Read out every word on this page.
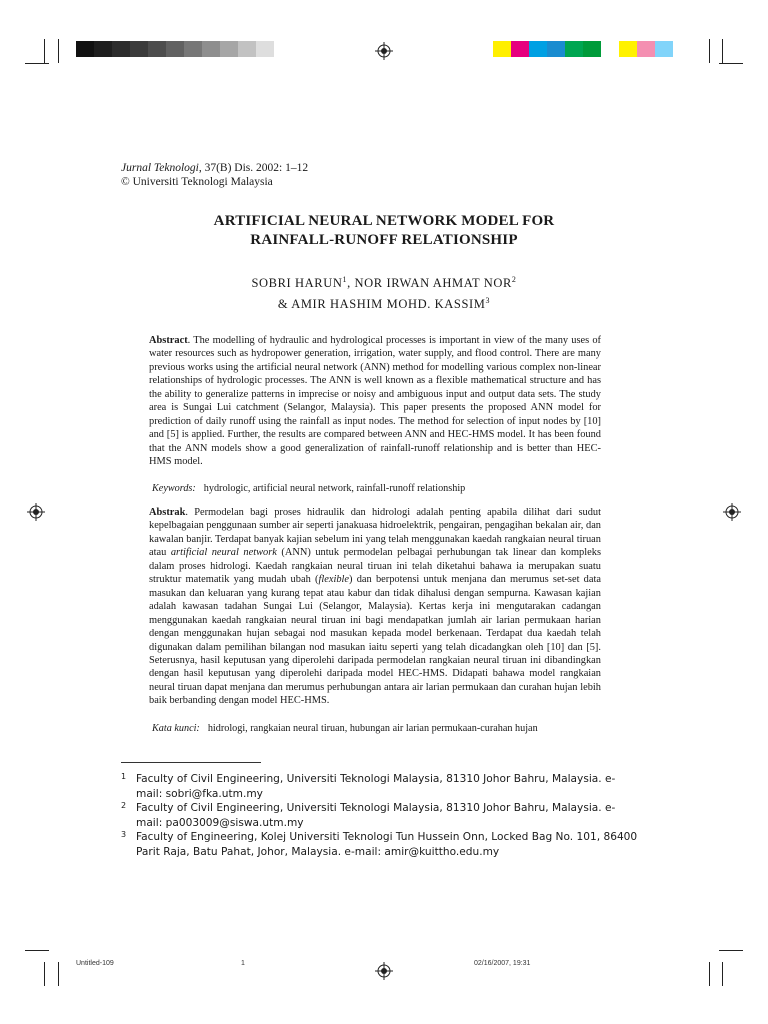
Jurnal Teknologi, 37(B) Dis. 2002: 1–12
© Universiti Teknologi Malaysia
ARTIFICIAL NEURAL NETWORK MODEL FOR
RAINFALL-RUNOFF RELATIONSHIP
SOBRI HARUN$^1$, NOR IRWAN AHMAT NOR$^2$
& AMIR HASHIM MOHD. KASSIM$^3$

Abstract. The modelling of hydraulic and hydrological processes is important in view of the many uses of water resources such as hydropower generation, irrigation, water supply, and flood control. There are many previous works using the artificial neural network (ANN) method for modelling various complex non-linear relationships of hydrologic processes. The ANN is well known as a flexible mathematical structure and has the ability to generalize patterns in imprecise or noisy and ambiguous input and output data sets. The study area is Sungai Lui catchment (Selangor, Malaysia). This paper presents the proposed ANN model for prediction of daily runoff using the rainfall as input nodes. The method for selection of input nodes by [10] and [5] is applied. Further, the results are compared between ANN and HEC-HMS model. It has been found that the ANN models show a good generalization of rainfall-runoff relationship and is better than HEC-HMS model.

Keywords: hydrologic, artificial neural network, rainfall-runoff relationship

Abstrak. Permodelan bagi proses hidraulik dan hidrologi adalah penting apabila dilihat dari sudut kepelbagaian penggunaan sumber air seperti janakuasa hidroelektrik, pengairan, pengagihan bekalan air, dan kawalan banjir. Terdapat banyak kajian sebelum ini yang telah menggunakan kaedah rangkaian neural tiruan atau artificial neural network (ANN) untuk permodelan pelbagai perhubungan tak linear dan kompleks dalam proses hidrologi. Kaedah rangkaian neural tiruan ini telah diketahui bahawa ia merupakan suatu struktur matematik yang mudah ubah (flexible) dan berpotensi untuk menjana dan merumus set-set data masukan dan keluaran yang kurang tepat atau kabur dan tidak dihalusi dengan sempurna. Kawasan kajian adalah kawasan tadahan Sungai Lui (Selangor, Malaysia). Kertas kerja ini mengutarakan cadangan menggunakan kaedah rangkaian neural tiruan ini bagi mendapatkan jumlah air larian permukaan harian dengan menggunakan hujan sebagai nod masukan kepada model berkenaan. Terdapat dua kaedah telah digunakan dalam pemilihan bilangan nod masukan iaitu seperti yang telah dicadangkan oleh [10] dan [5]. Seterusnya, hasil keputusan yang diperolehi daripada permodelan rangkaian neural tiruan ini dibandingkan dengan hasil keputusan yang diperolehi daripada model HEC-HMS. Didapati bahawa model rangkaian neural tiruan dapat menjana dan merumus perhubungan antara air larian permukaan dan curahan hujan lebih baik berbanding dengan model HEC-HMS.

Kata kunci: hidrologi, rangkaian neural tiruan, hubungan air larian permukaan-curahan hujan
1 Faculty of Civil Engineering, Universiti Teknologi Malaysia, 81310 Johor Bahru, Malaysia. e-mail: sobri@fka.utm.my
2 Faculty of Civil Engineering, Universiti Teknologi Malaysia, 81310 Johor Bahru, Malaysia. e-mail: pa003009@siswa.utm.my
3 Faculty of Engineering, Kolej Universiti Teknologi Tun Hussein Onn, Locked Bag No. 101, 86400 Parit Raja, Batu Pahat, Johor, Malaysia. e-mail: amir@kuittho.edu.my
Untitled-109	1	02/16/2007, 19:31
